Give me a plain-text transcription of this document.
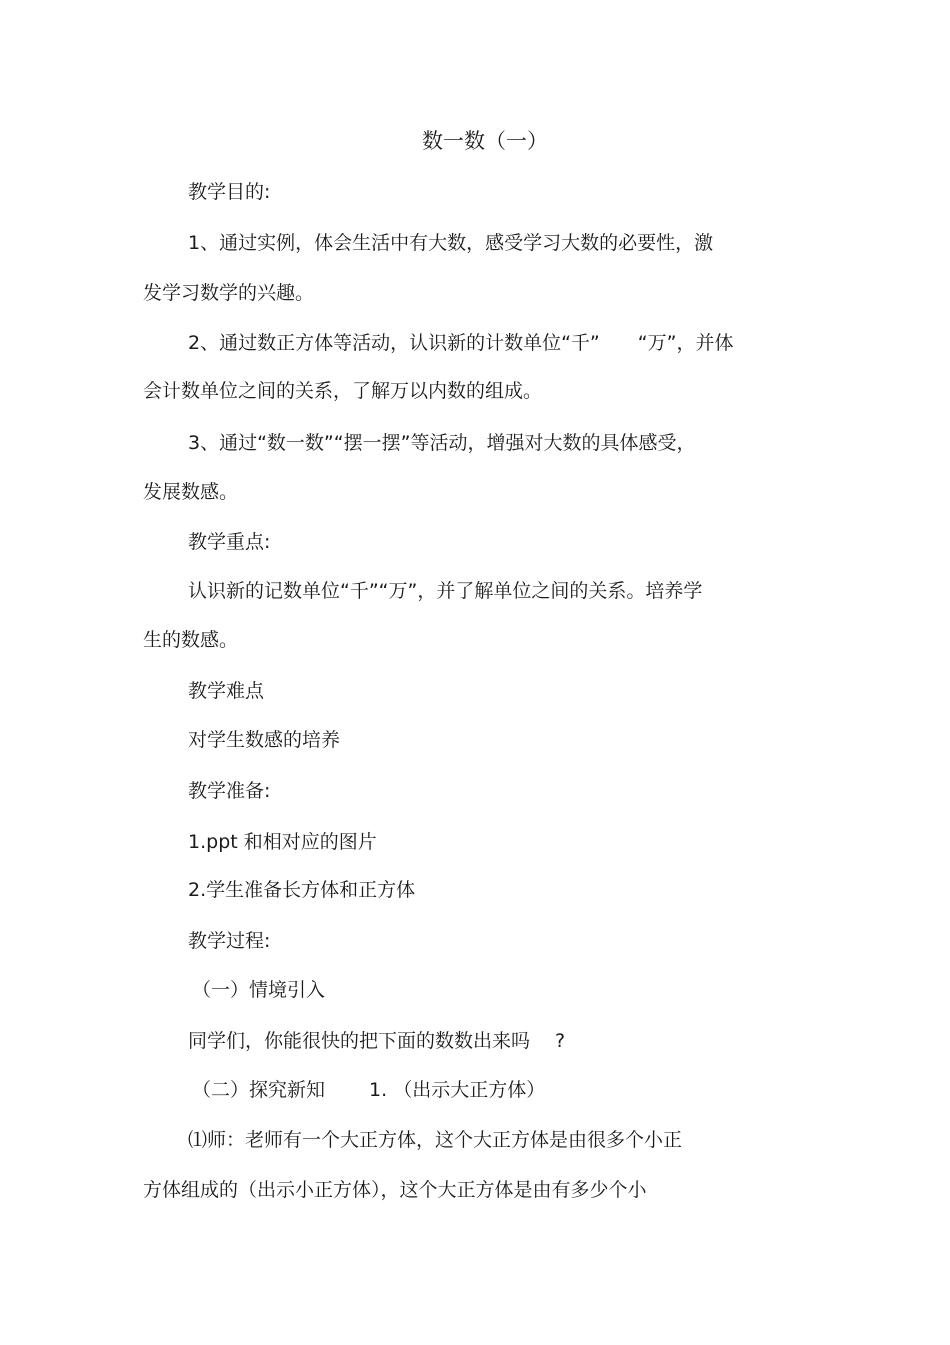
数一数（一）
教学目的:
1、通过实例，体会生活中有大数，感受学习大数的必要性，激
发学习数学的兴趣。
2、通过数正方体等活动，认识新的计数单位“千”　　“万”，并体
会计数单位之间的关系，了解万以内数的组成。
3、通过“数一数”“摆一摆”等活动，增强对大数的具体感受，
发展数感。
教学重点:
认识新的记数单位“千”“万”，并了解单位之间的关系。培养学
生的数感。
教学难点
对学生数感的培养
教学准备:
1.ppt 和相对应的图片
2.学生准备长方体和正方体
教学过程:
（一）情境引入
同学们，你能很快的把下面的数数出来吗　 ?
（二）探究新知　　 1. （出示大正方体）
⑴师：老师有一个大正方体，这个大正方体是由很多个小正
方体组成的（出示小正方体），这个大正方体是由有多少个小
